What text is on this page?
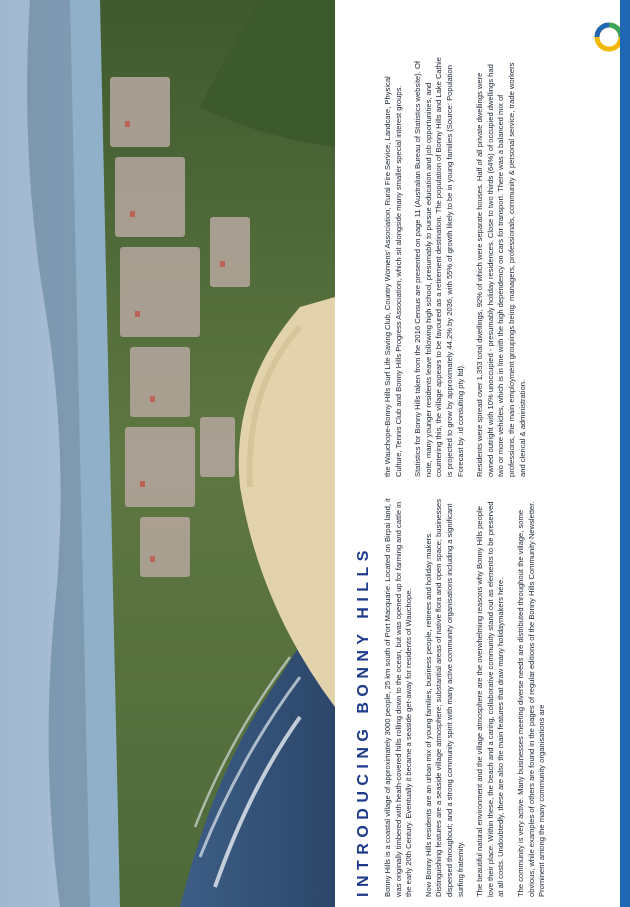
INTRODUCING BONNY HILLS Bonny Hills is a coastal village of approximately 3000 people, 25 km south of Port Macquarie. Located on Birpai land, it was originally timbered with heath-covered hills rolling down to the ocean, but was opened up for farming and cattle in the early 20th Century. Eventually it became a seaside get-away for residents of Wauchope. Now Bonny Hills residents are an urban mix of young families, business people, retirees and holiday makers. Distinguishing features are a seaside village atmosphere; substantial areas of native flora and open space; businesses dispersed throughout; and a strong community spirit with many active community organisations including a significant surfing fraternity. The beautiful natural environment and the village atmosphere are the overwhelming reasons why Bonny Hills people love their place. Within these, the beach and a caring, collaborative community stand out as elements to be preserved at all costs. Undoubtedly, these are also the main features that draw many holidaymakers here. The community is very active. Many businesses meeting diverse needs are distributed throughout the village, some obvious, while examples of others are found in the pages of regular editions of the Bonny Hills Community Newsletter. Prominent among the many community organisations are

the Wauchope-Bonny Hills Surf Life Saving Club, Country Womens' Association, Rural Fire Service, Landcare, Physical Culture, Tennis Club and Bonny Hills Progress Association, which sit alongside many smaller special interest groups. Statistics for Bonny Hills taken from the 2016 Census are presented on page 11 (Australian Bureau of Statistics website). Of note, many younger residents leave following high school, presumably to pursue education and job opportunities, and countering this, the village appears to be favoured as a retirement destination. The population of Bonny Hills and Lake Cathie is projected to grow by approximately 44.2% by 2036, with 55% of growth likely to be in young families (Source: Population Forecast by .id consulting pty ltd). Residents were spread over 1,353 total dwellings, 92% of which were separate houses. Half of all private dwellings were owned outright with 10% unoccupied - presumably holiday residences. Close to two thirds (64%) of occupied dwellings had two or more vehicles, which is in line with the high dependency on cars for transport. There was a balanced mix of professions, the main employment groupings being: managers, professionals, community & personal service, trade workers and clerical & administration.
